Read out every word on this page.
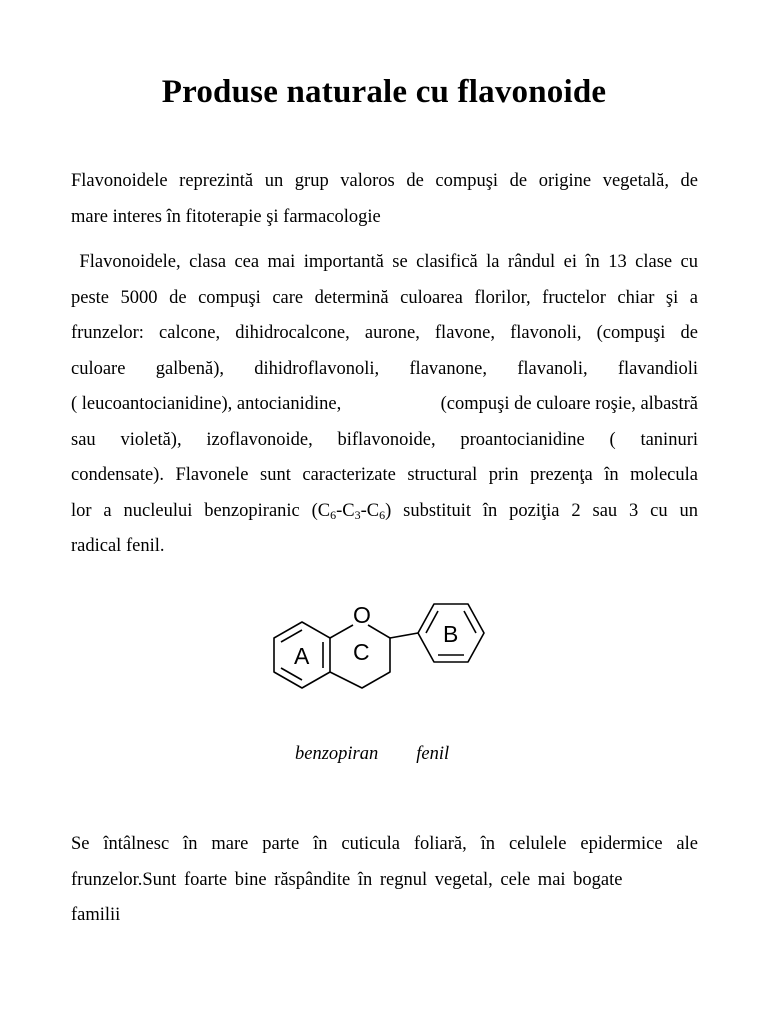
Produse naturale cu flavonoide
Flavonoidele reprezintă un grup valoros de compuşi de origine vegetală, de
mare interes în fitoterapie şi farmacologie
Flavonoidele, clasa cea mai importantă se clasifică la rândul ei în 13 clase cu
peste 5000 de compuşi care determină culoarea florilor, fructelor chiar şi a
frunzelor: calcone, dihidrocalcone, aurone, flavone, flavonoli, (compuşi de
culoare galbenă), dihidroflavonoli, flavanone, flavanoli, flavandioli
( leucoantocianidine), antocianidine,	(compuşi de culoare roşie, albastră
sau violetă), izoflavonoide, biflavonoide, proantocianidine ( taninuri
condensate). Flavonele sunt caracterizate structural prin prezenţa în molecula
lor a nucleului benzopiranic $(C_6-C_3-C_6)$ substituit în poziţia 2 sau 3 cu un
radical fenil.
O
A C
B
benzopiran fenil
Se întâlnesc în mare parte în cuticula foliară, în celulele epidermice ale
frunzelor.Sunt foarte bine răspândite în regnul vegetal, cele mai bogate
familii
